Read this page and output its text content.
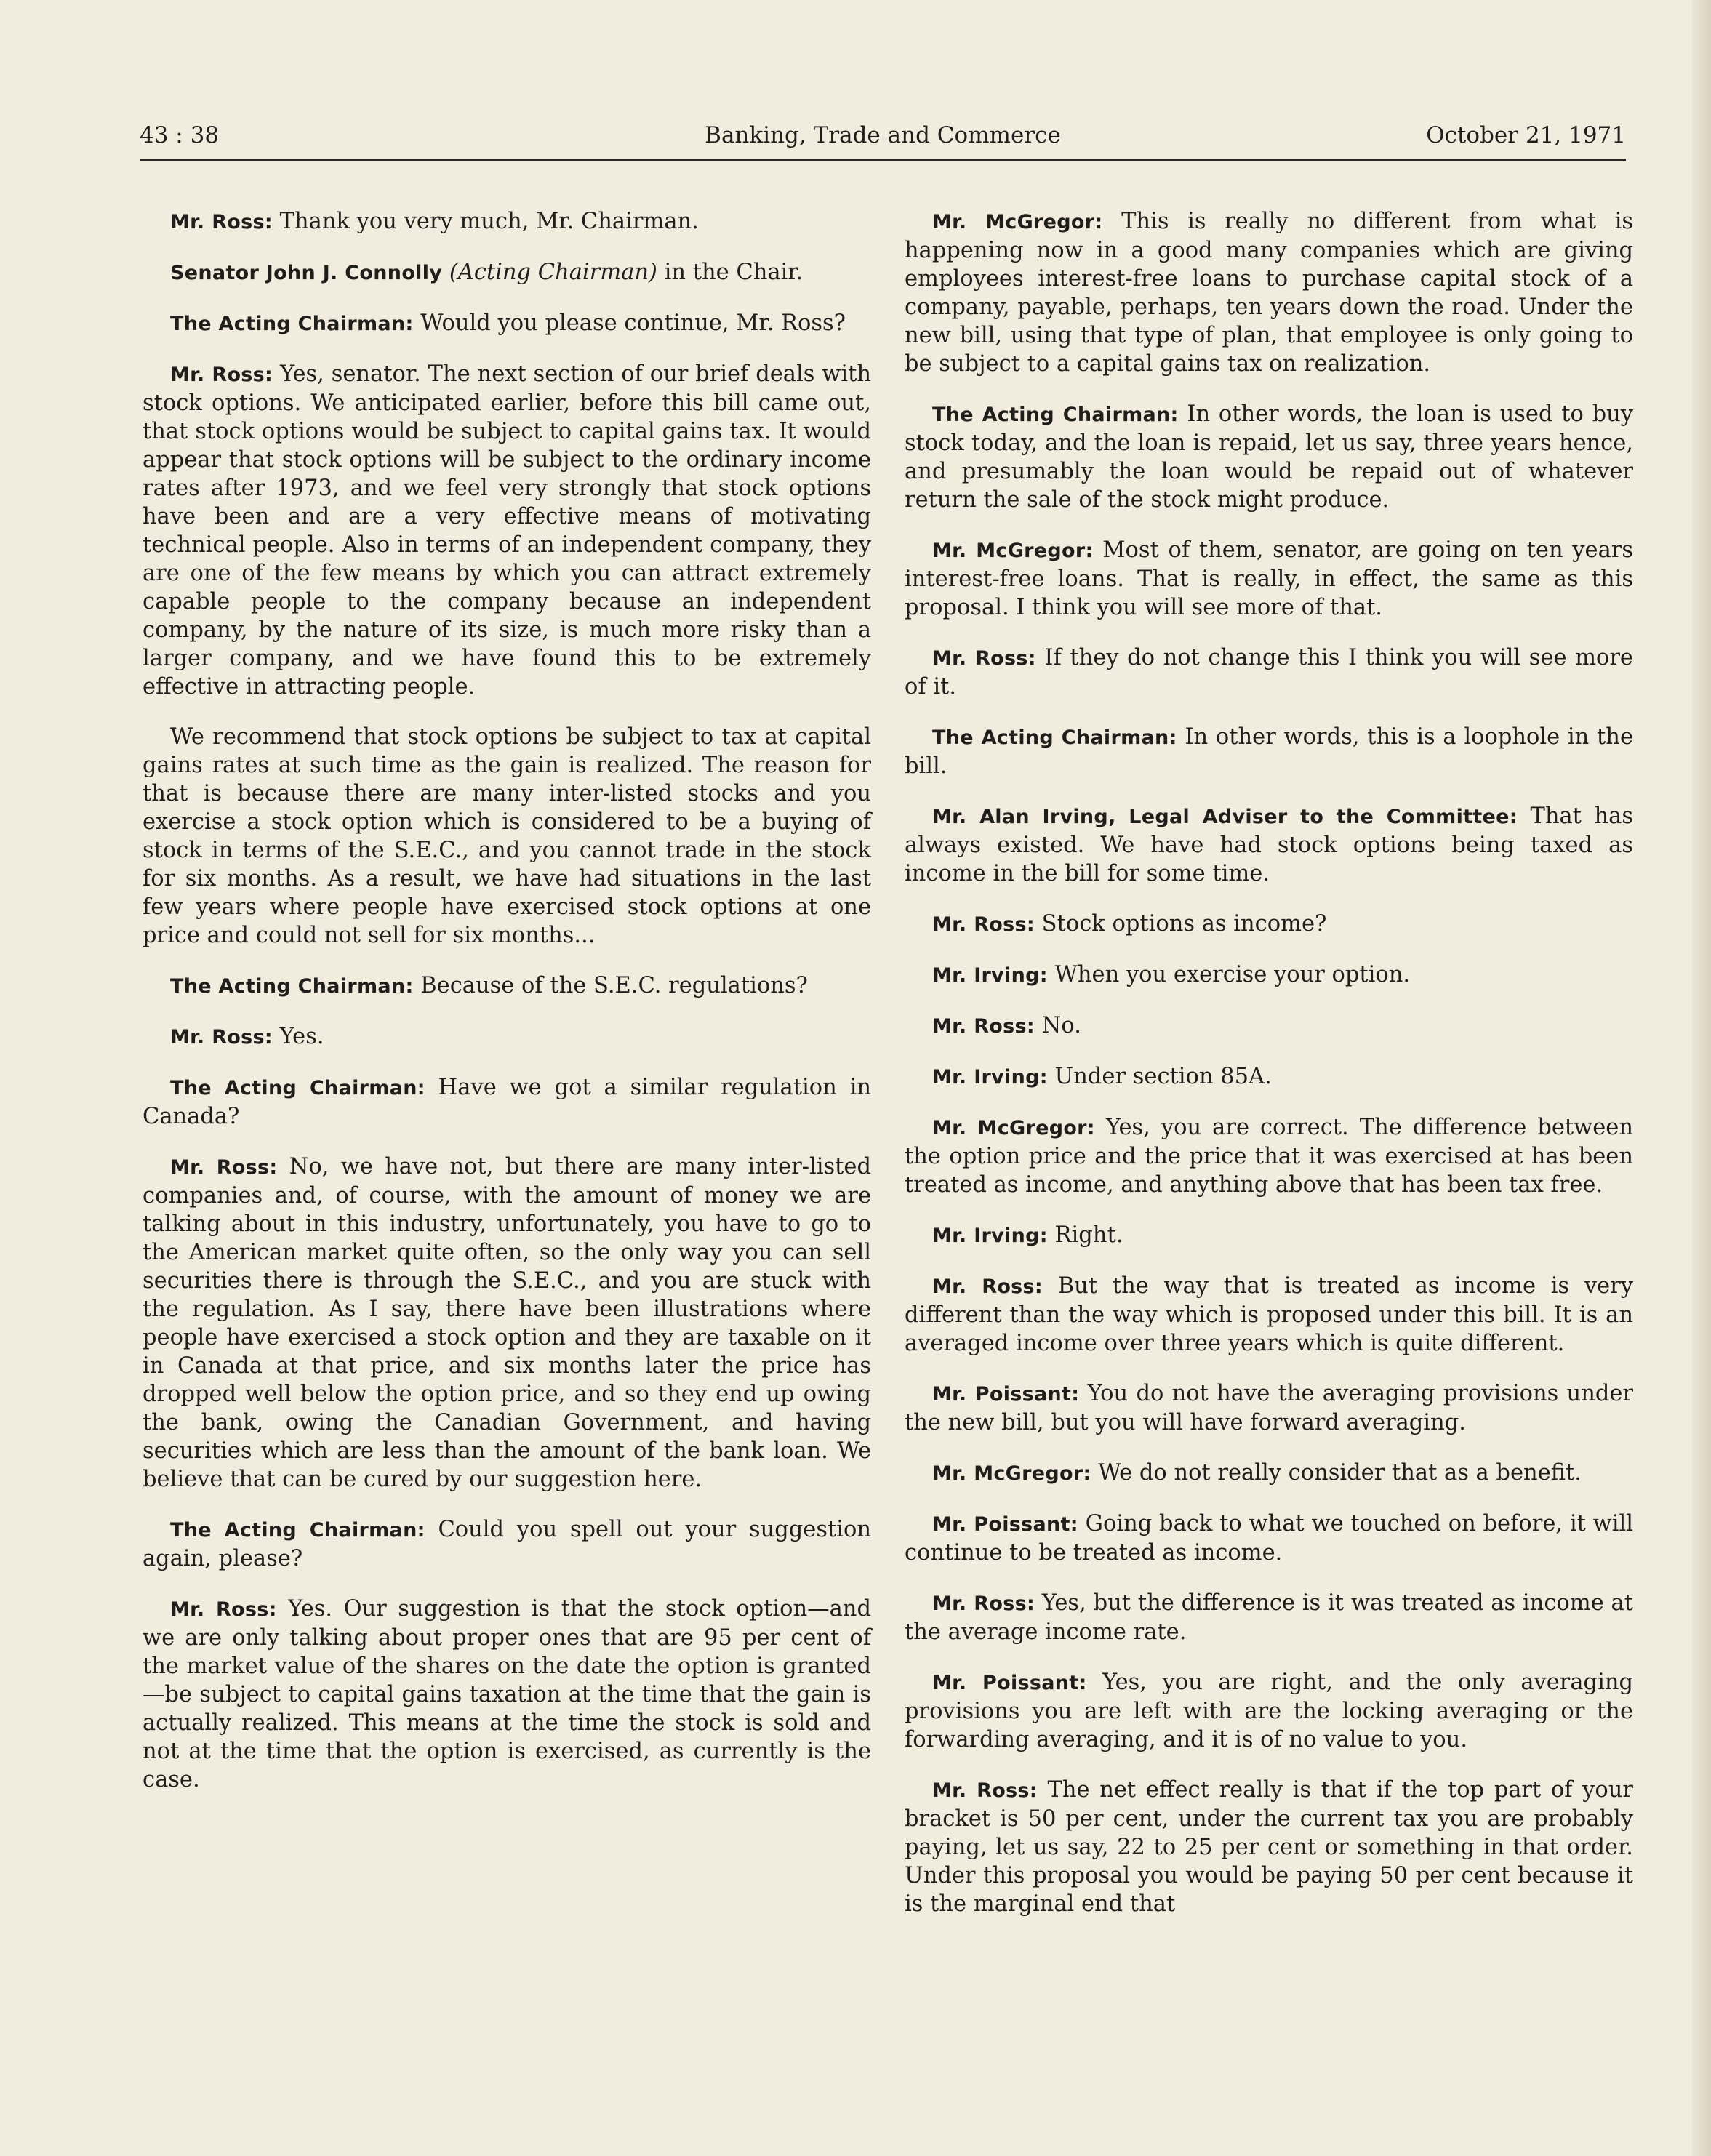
43 : 38	Banking, Trade and Commerce	October 21, 1971

Mr. Ross: Thank you very much, Mr. Chairman.

Senator John J. Connolly (Acting Chairman) in the Chair.

The Acting Chairman: Would you please continue, Mr. Ross?

Mr. Ross: Yes, senator. The next section of our brief deals with stock options. We anticipated earlier, before this bill came out, that stock options would be subject to capital gains tax. It would appear that stock options will be subject to the ordinary income rates after 1973, and we feel very strongly that stock options have been and are a very effective means of motivating technical people. Also in terms of an independent company, they are one of the few means by which you can attract extremely capable people to the company because an independent company, by the nature of its size, is much more risky than a larger company, and we have found this to be extremely effective in attracting people.

We recommend that stock options be subject to tax at capital gains rates at such time as the gain is realized. The reason for that is because there are many inter-listed stocks and you exercise a stock option which is considered to be a buying of stock in terms of the S.E.C., and you cannot trade in the stock for six months. As a result, we have had situations in the last few years where people have exercised stock options at one price and could not sell for six months...

The Acting Chairman: Because of the S.E.C. regulations?

Mr. Ross: Yes.

The Acting Chairman: Have we got a similar regulation in Canada?

Mr. Ross: No, we have not, but there are many inter-listed companies and, of course, with the amount of money we are talking about in this industry, unfortunately, you have to go to the American market quite often, so the only way you can sell securities there is through the S.E.C., and you are stuck with the regulation. As I say, there have been illustrations where people have exercised a stock option and they are taxable on it in Canada at that price, and six months later the price has dropped well below the option price, and so they end up owing the bank, owing the Canadian Government, and having securities which are less than the amount of the bank loan. We believe that can be cured by our suggestion here.

The Acting Chairman: Could you spell out your suggestion again, please?

Mr. Ross: Yes. Our suggestion is that the stock option—and we are only talking about proper ones that are 95 per cent of the market value of the shares on the date the option is granted—be subject to capital gains taxation at the time that the gain is actually realized. This means at the time the stock is sold and not at the time that the option is exercised, as currently is the case.

Mr. McGregor: This is really no different from what is happening now in a good many companies which are giving employees interest-free loans to purchase capital stock of a company, payable, perhaps, ten years down the road. Under the new bill, using that type of plan, that employee is only going to be subject to a capital gains tax on realization.

The Acting Chairman: In other words, the loan is used to buy stock today, and the loan is repaid, let us say, three years hence, and presumably the loan would be repaid out of whatever return the sale of the stock might produce.

Mr. McGregor: Most of them, senator, are going on ten years interest-free loans. That is really, in effect, the same as this proposal. I think you will see more of that.

Mr. Ross: If they do not change this I think you will see more of it.

The Acting Chairman: In other words, this is a loophole in the bill.

Mr. Alan Irving, Legal Adviser to the Committee: That has always existed. We have had stock options being taxed as income in the bill for some time.

Mr. Ross: Stock options as income?

Mr. Irving: When you exercise your option.

Mr. Ross: No.

Mr. Irving: Under section 85A.

Mr. McGregor: Yes, you are correct. The difference between the option price and the price that it was exercised at has been treated as income, and anything above that has been tax free.

Mr. Irving: Right.

Mr. Ross: But the way that is treated as income is very different than the way which is proposed under this bill. It is an averaged income over three years which is quite different.

Mr. Poissant: You do not have the averaging provisions under the new bill, but you will have forward averaging.

Mr. McGregor: We do not really consider that as a benefit.

Mr. Poissant: Going back to what we touched on before, it will continue to be treated as income.

Mr. Ross: Yes, but the difference is it was treated as income at the average income rate.

Mr. Poissant: Yes, you are right, and the only averaging provisions you are left with are the locking averaging or the forwarding averaging, and it is of no value to you.

Mr. Ross: The net effect really is that if the top part of your bracket is 50 per cent, under the current tax you are probably paying, let us say, 22 to 25 per cent or something in that order. Under this proposal you would be paying 50 per cent because it is the marginal end that
